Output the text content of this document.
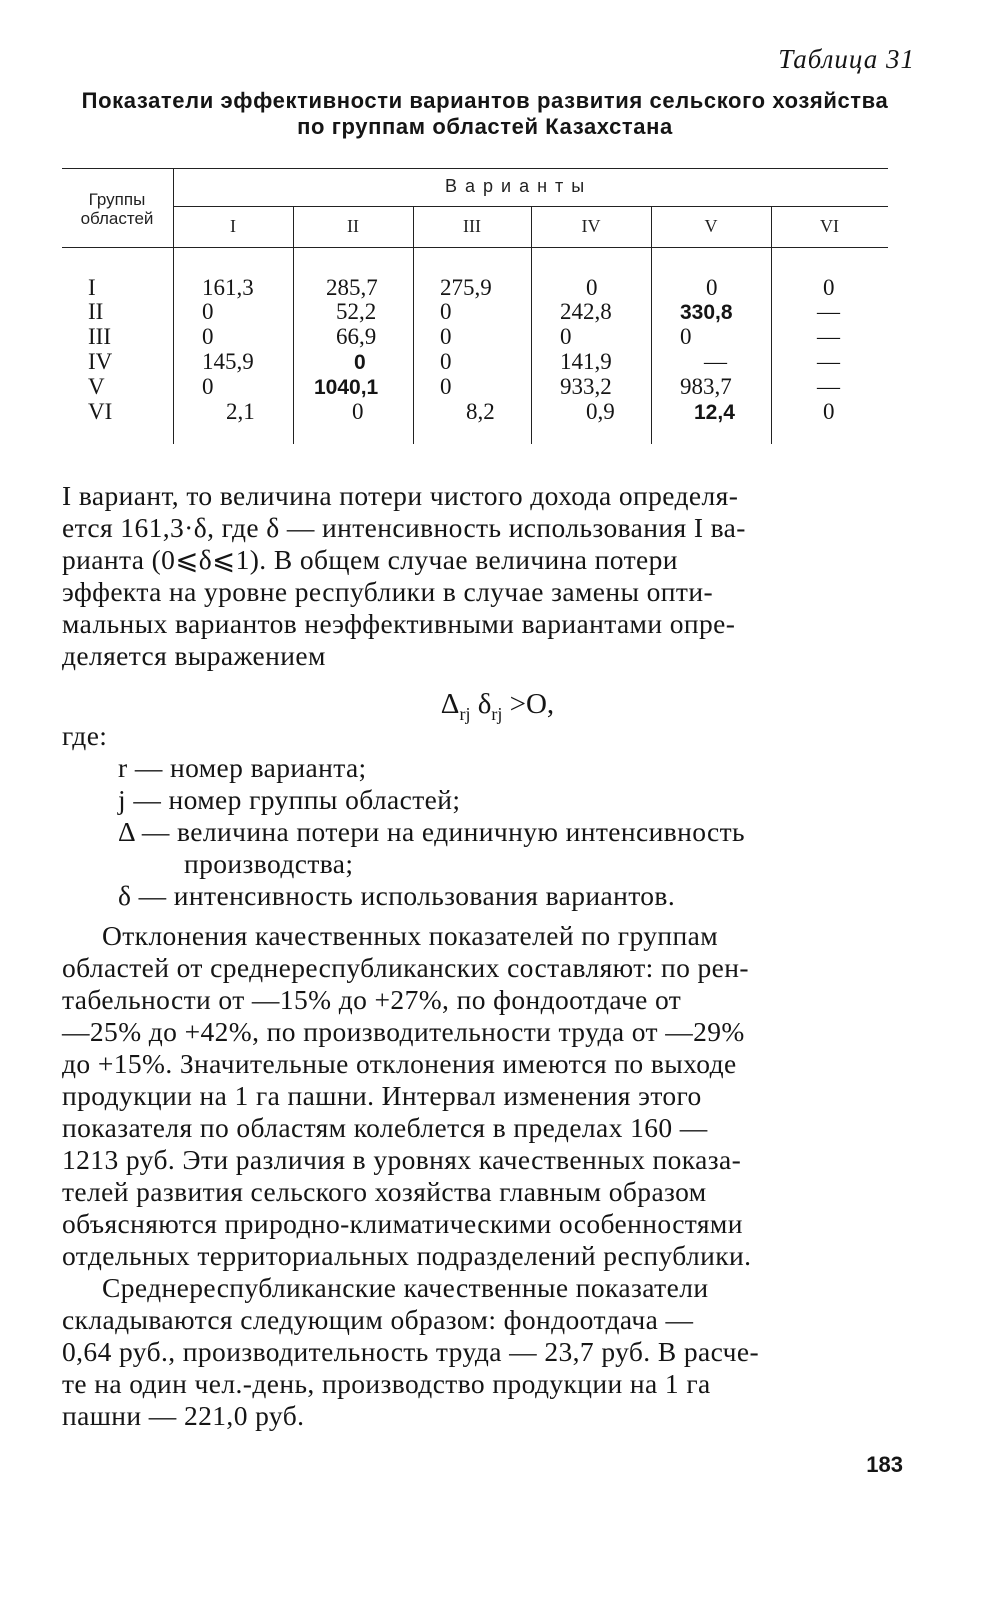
Таблица 31
Показатели эффективности вариантов развития сельского хозяйства
по группам областей Казахстана
Группы
областей
Варианты
I	II	III	IV	V	VI
I	161,3	285,7	275,9	0	0	0
II	0	52,2	0	242,8	330,8	—
III	0	66,9	0	0	0	—
IV	145,9	0	0	141,9	—	—
V	0	1040,1	0	933,2	983,7	—
VI	2,1	0	8,2	0,9	12,4	0
I вариант, то величина потери чистого дохода определя-
ется 161,3·δ, где δ — интенсивность использования I ва-
рианта (0⩽δ⩽1). В общем случае величина потери
эффекта на уровне республики в случае замены опти-
мальных вариантов неэффективными вариантами опре-
деляется выражением
$\Delta_{rj}$ $\delta_{rj} >O$,
где:
r — номер варианта;
j — номер группы областей;
Δ — величина потери на единичную интенсивность
производства;
δ — интенсивность использования вариантов.
Отклонения качественных показателей по группам
областей от среднереспубликанских составляют: по рен-
табельности от —15% до +27%, по фондоотдаче от
—25% до +42%, по производительности труда от —29%
до +15%. Значительные отклонения имеются по выходе
продукции на 1 га пашни. Интервал изменения этого
показателя по областям колеблется в пределах 160 —
1213 руб. Эти различия в уровнях качественных показа-
телей развития сельского хозяйства главным образом
объясняются природно-климатическими особенностями
отдельных территориальных подразделений республики.
Среднереспубликанские качественные показатели
складываются следующим образом: фондоотдача —
0,64 руб., производительность труда — 23,7 руб. В расче-
те на один чел.-день, производство продукции на 1 га
пашни — 221,0 руб.
183
